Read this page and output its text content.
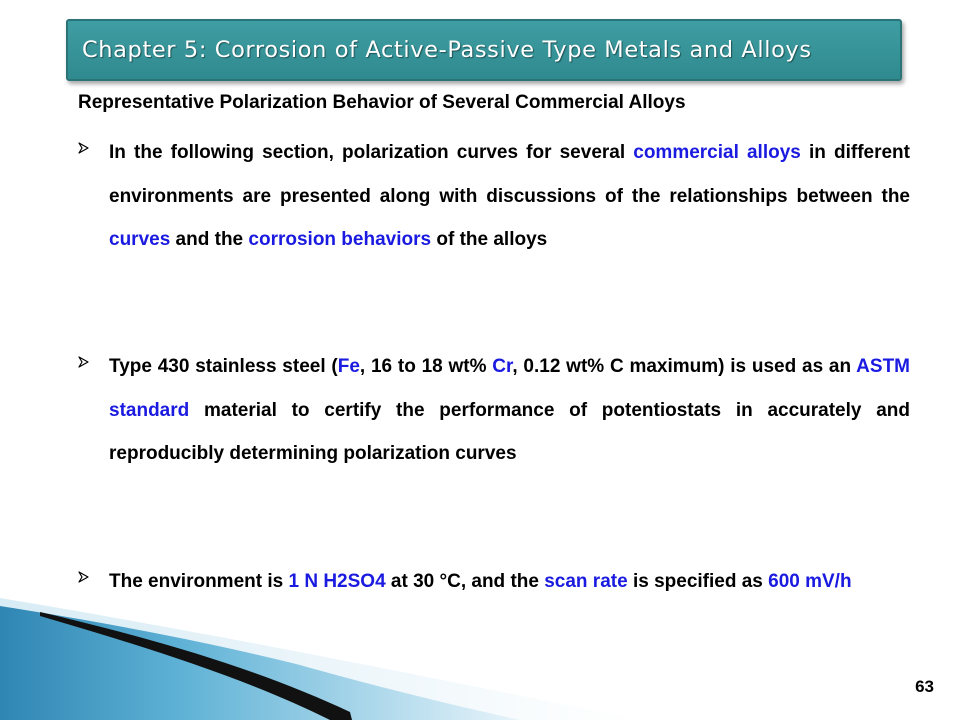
Chapter 5: Corrosion of Active-Passive Type Metals and Alloys
Representative Polarization Behavior of Several Commercial Alloys
In the following section, polarization curves for several commercial alloys in different environments are presented along with discussions of the relationships between the curves and the corrosion behaviors of the alloys
Type 430 stainless steel (Fe, 16 to 18 wt% Cr, 0.12 wt% C maximum) is used as an ASTM standard material to certify the performance of potentiostats in accurately and reproducibly determining polarization curves
The environment is 1 N H2SO4 at 30 °C, and the scan rate is specified as 600 mV/h
63
